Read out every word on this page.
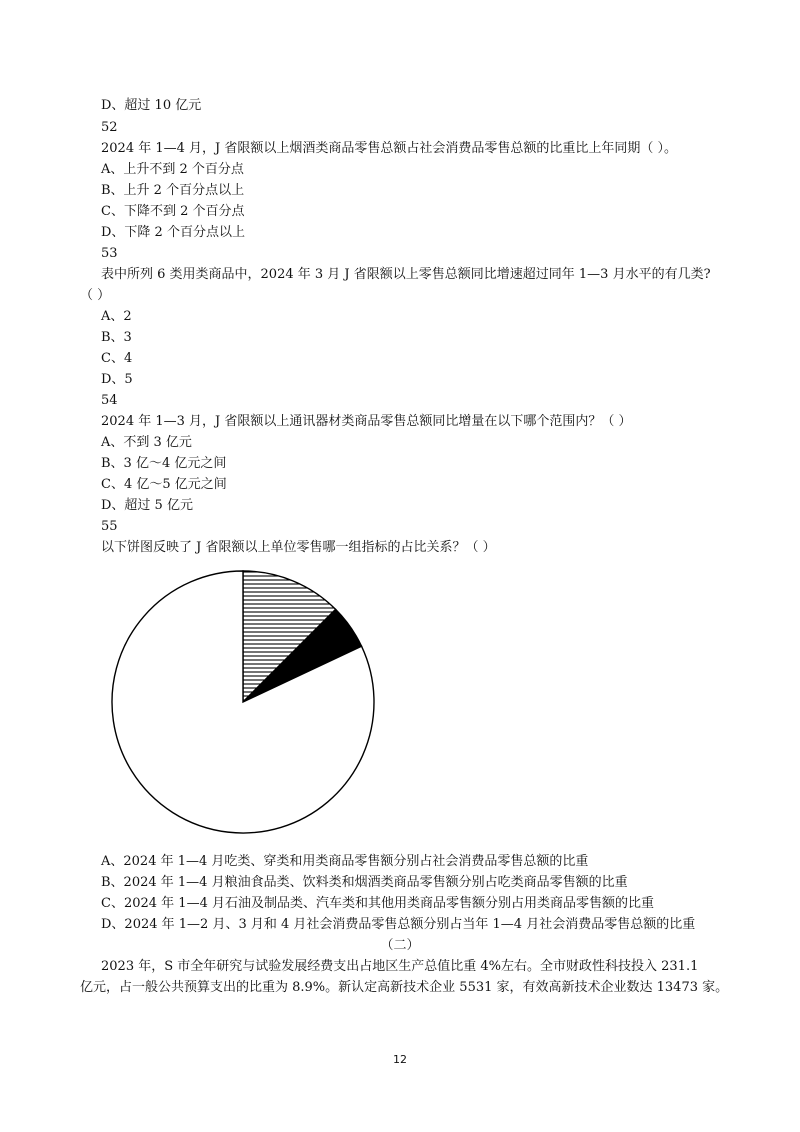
D、超过 10 亿元
52
2024 年 1—4 月，J 省限额以上烟酒类商品零售总额占社会消费品零售总额的比重比上年同期（ ）。
A、上升不到 2 个百分点
B、上升 2 个百分点以上
C、下降不到 2 个百分点
D、下降 2 个百分点以上
53
表中所列 6 类用类商品中，2024 年 3 月 J 省限额以上零售总额同比增速超过同年 1—3 月水平的有几类?
（ ）
A、2
B、3
C、4
D、5
54
2024 年 1—3 月，J 省限额以上通讯器材类商品零售总额同比增量在以下哪个范围内？（ ）
A、不到 3 亿元
B、3 亿～4 亿元之间
C、4 亿～5 亿元之间
D、超过 5 亿元
55
以下饼图反映了 J 省限额以上单位零售哪一组指标的占比关系？（ ）
A、2024 年 1—4 月吃类、穿类和用类商品零售额分别占社会消费品零售总额的比重
B、2024 年 1—4 月粮油食品类、饮料类和烟酒类商品零售额分别占吃类商品零售额的比重
C、2024 年 1—4 月石油及制品类、汽车类和其他用类商品零售额分别占用类商品零售额的比重
D、2024 年 1—2 月、3 月和 4 月社会消费品零售总额分别占当年 1—4 月社会消费品零售总额的比重
（二）
2023 年，S 市全年研究与试验发展经费支出占地区生产总值比重 4%左右。全市财政性科技投入 231.1
亿元，占一般公共预算支出的比重为 8.9%。新认定高新技术企业 5531 家，有效高新技术企业数达 13473 家。
12
